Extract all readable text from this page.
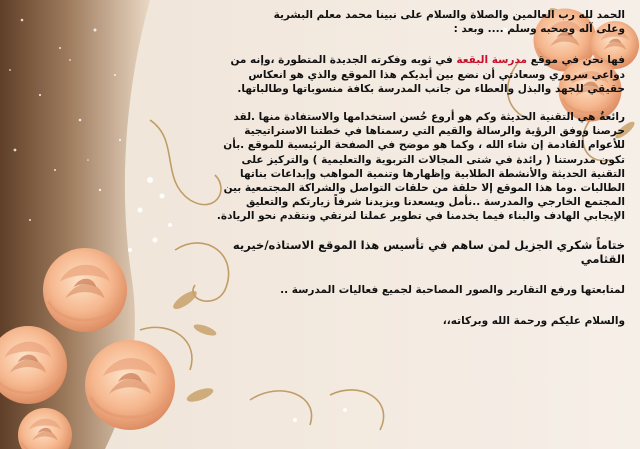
الحمد لله رب العالمين والصلاة والسلام على نبينا محمد معلم البشرية

وعلى آله وصحبه وسلم .... وبعد :

فها نحن في موقع مدرسة البقعة في ثوبه وفكرته الجديدة المتطورة ،وإنه من دواعي سروري وسعادتي أن نضع بين أيديكم هذا الموقع والذي هو انعكاس حقيقي للجهد والبذل والعطاء من جانب المدرسة بكافة منسوباتها وطالباتها.

رائعةٌ هي التقنية الحديثة وكم هو أروع حُسن استخدامها والاستفادة منها .لقد حرصنا ووفق الرؤية والرسالة والقيم التي رسمناها في خطتنا الاستراتيجية للأعوام القادمة إن شاء الله ، وكما هو موضح في الصفحة الرئيسية للموقع .بأن تكون مدرستنا ( رائدة في شتى المجالات التربوية والتعليمية ) والتركيز على التقنية الحديثة والأنشطة الطلابية وإظهارها وتنمية المواهب وإبداعات بناتها الطالبات .وما هذا الموقع إلا حلقة من حلقات التواصل والشراكة المجتمعية بين المجتمع الخارجي والمدرسة ..نأمل ويسعدنا ويزيدنا شرفاً زيارتكم والتعليق الإيجابي الهادف والبناء فيما يخدمنا في تطوير عملنا لنرتقي ونتقدم نحو الريادة.

ختاماً شكري الجزيل لمن ساهم في تأسيس هذا الموقع الاستاذه/خيريه القثامي

لمتابعتها ورفع التقارير والصور المصاحبة لجميع فعاليات المدرسة ..

والسلام عليكم ورحمة الله وبركاته،،
